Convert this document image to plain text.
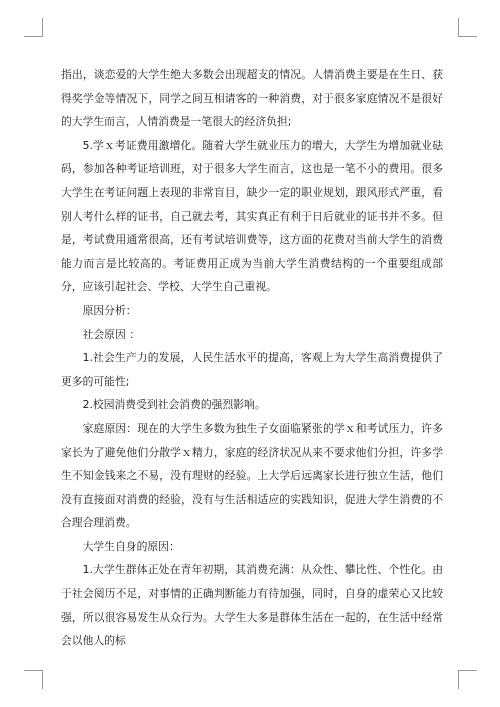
指出，谈恋爱的大学生绝大多数会出现超支的情况。人情消费主要是在生日、获得奖学金等情况下，同学之间互相请客的一种消费，对于很多家庭情况不是很好的大学生而言，人情消费是一笔很大的经济负担;

5.学ｘ考证费用激增化。随着大学生就业压力的增大，大学生为增加就业砝码，参加各种考证培训班，对于很多大学生而言，这也是一笔不小的费用。很多大学生在考证问题上表现的非常盲目，缺少一定的职业规划，跟风形式严重，看别人考什么样的证书，自己就去考，其实真正有利于日后就业的证书并不多。但是，考试费用通常很高，还有考试培训费等，这方面的花费对当前大学生的消费能力而言是比较高的。考证费用正成为当前大学生消费结构的一个重要组成部分，应该引起社会、学校、大学生自己重视。

原因分析：

社会原因 ：

1.社会生产力的发展，人民生活水平的提高，客观上为大学生高消费提供了更多的可能性;

2.校园消费受到社会消费的强烈影响。

家庭原因：现在的大学生多数为独生子女面临紧张的学ｘ和考试压力，许多家长为了避免他们分散学ｘ精力，家庭的经济状况从来不要求他们分担，许多学生不知金钱来之不易，没有理财的经验。上大学后远离家长进行独立生活，他们没有直接面对消费的经验，没有与生活相适应的实践知识，促进大学生消费的不合理合理消费。

大学生自身的原因：

1.大学生群体正处在青年初期，其消费充满：从众性、攀比性、个性化。由于社会阅历不足，对事情的正确判断能力有待加强，同时，自身的虚荣心又比较强，所以很容易发生从众行为。大学生大多是群体生活在一起的，在生活中经常会以他人的标
